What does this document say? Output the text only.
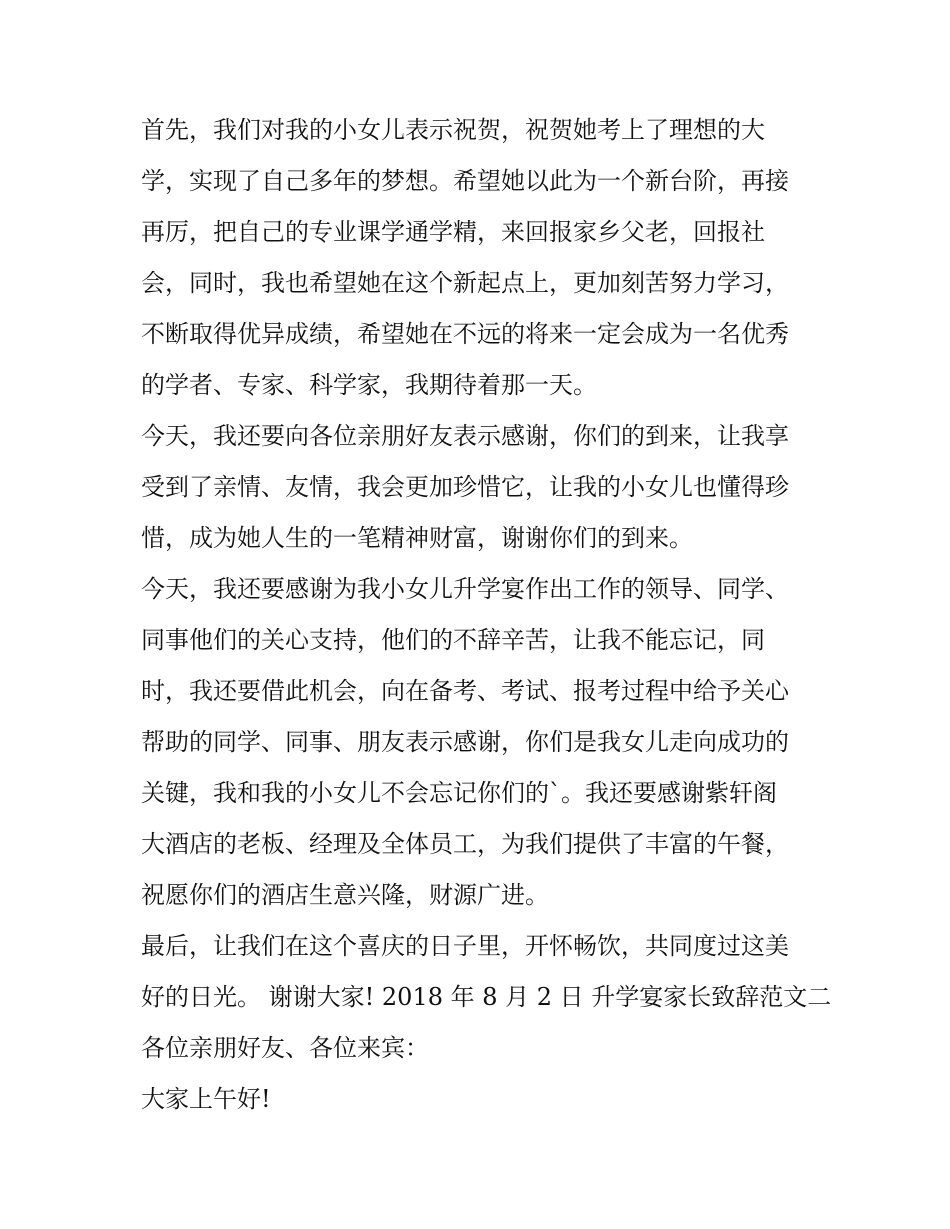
首先，我们对我的小女儿表示祝贺，祝贺她考上了理想的大
学，实现了自己多年的梦想。希望她以此为一个新台阶，再接
再厉，把自己的专业课学通学精，来回报家乡父老，回报社
会，同时，我也希望她在这个新起点上，更加刻苦努力学习，
不断取得优异成绩，希望她在不远的将来一定会成为一名优秀
的学者、专家、科学家，我期待着那一天。
今天，我还要向各位亲朋好友表示感谢，你们的到来，让我享
受到了亲情、友情，我会更加珍惜它，让我的小女儿也懂得珍
惜，成为她人生的一笔精神财富，谢谢你们的到来。
今天，我还要感谢为我小女儿升学宴作出工作的领导、同学、
同事他们的关心支持，他们的不辞辛苦，让我不能忘记，同
时，我还要借此机会，向在备考、考试、报考过程中给予关心
帮助的同学、同事、朋友表示感谢，你们是我女儿走向成功的
关键，我和我的小女儿不会忘记你们的`。我还要感谢紫轩阁
大酒店的老板、经理及全体员工，为我们提供了丰富的午餐，
祝愿你们的酒店生意兴隆，财源广进。
最后，让我们在这个喜庆的日子里，开怀畅饮，共同度过这美
好的日光。 谢谢大家! 2018 年 8 月 2 日 升学宴家长致辞范文二
各位亲朋好友、各位来宾：
大家上午好!
